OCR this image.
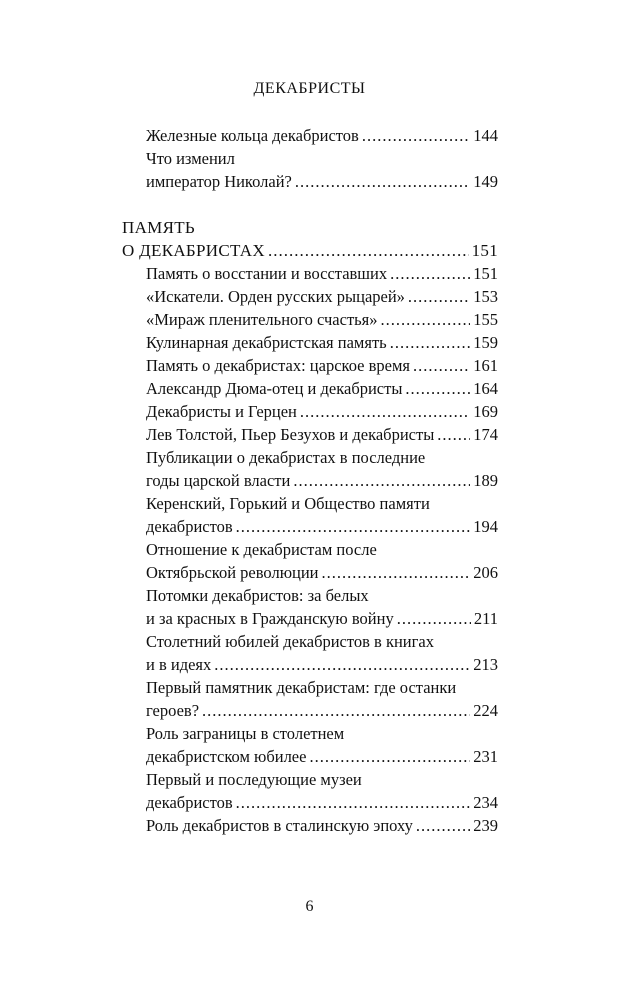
ДЕКАБРИСТЫ
Железные кольца декабристов .....	144
Что изменил
император Николай? .....	149
ПАМЯТЬ
О ДЕКАБРИСТАХ .....	151
Память о восстании и восставших .....	151
«Искатели. Орден русских рыцарей» .....	153
«Мираж пленительного счастья» .....	155
Кулинарная декабристская память .....	159
Память о декабристах: царское время .....	161
Александр Дюма-отец и декабристы .....	164
Декабристы и Герцен .....	169
Лев Толстой, Пьер Безухов и декабристы ..... 174
Публикации о декабристах в последние
годы царской власти .....	189
Керенский, Горький и Общество памяти
декабристов .....	194
Отношение к декабристам после
Октябрьской революции .....	206
Потомки декабристов: за белых
и за красных в Гражданскую войну .....	211
Столетний юбилей декабристов в книгах
и в идеях .....	213
Первый памятник декабристам: где останки
героев? .....	224
Роль заграницы в столетнем
декабристском юбилее .....	231
Первый и последующие музеи
декабристов .....	234
Роль декабристов в сталинскую эпоху .....	239
6
